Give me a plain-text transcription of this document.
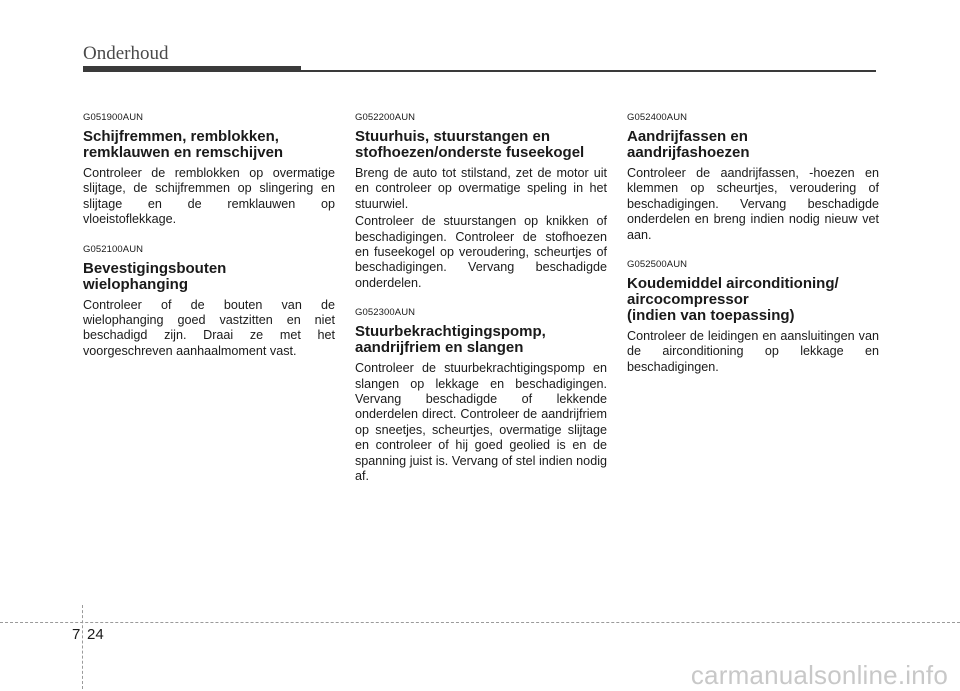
Onderhoud

G051900AUN

Schijfremmen, remblokken,
remklauwen en remschijven

Controleer de remblokken op overmatige slijtage, de schijfremmen op slingering en slijtage en de remklauwen op vloeistoflekkage.

G052100AUN

Bevestigingsbouten
wielophanging

Controleer of de bouten van de wielophanging goed vastzitten en niet beschadigd zijn. Draai ze met het voorgeschreven aanhaalmoment vast.

G052200AUN

Stuurhuis, stuurstangen en
stofhoezen/onderste fuseekogel

Breng de auto tot stilstand, zet de motor uit en controleer op overmatige speling in het stuurwiel.

Controleer de stuurstangen op knikken of beschadigingen. Controleer de stofhoezen en fuseekogel op veroudering, scheurtjes of beschadigingen. Vervang beschadigde onderdelen.

G052300AUN

Stuurbekrachtigingspomp,
aandrijfriem en slangen

Controleer de stuurbekrachtigingspomp en slangen op lekkage en beschadigingen. Vervang beschadigde of lekkende onderdelen direct. Controleer de aandrijfriem op sneetjes, scheurtjes, overmatige slijtage en controleer of hij goed geolied is en de spanning juist is. Vervang of stel indien nodig af.

G052400AUN

Aandrijfassen en
aandrijfashoezen

Controleer de aandrijfassen, -hoezen en klemmen op scheurtjes, veroudering of beschadigingen. Vervang beschadigde onderdelen en breng indien nodig nieuw vet aan.

G052500AUN

Koudemiddel airconditioning/
aircocompressor
(indien van toepassing)

Controleer de leidingen en aansluitingen van de airconditioning op lekkage en beschadigingen.

7 24
carmanualsonline.info
